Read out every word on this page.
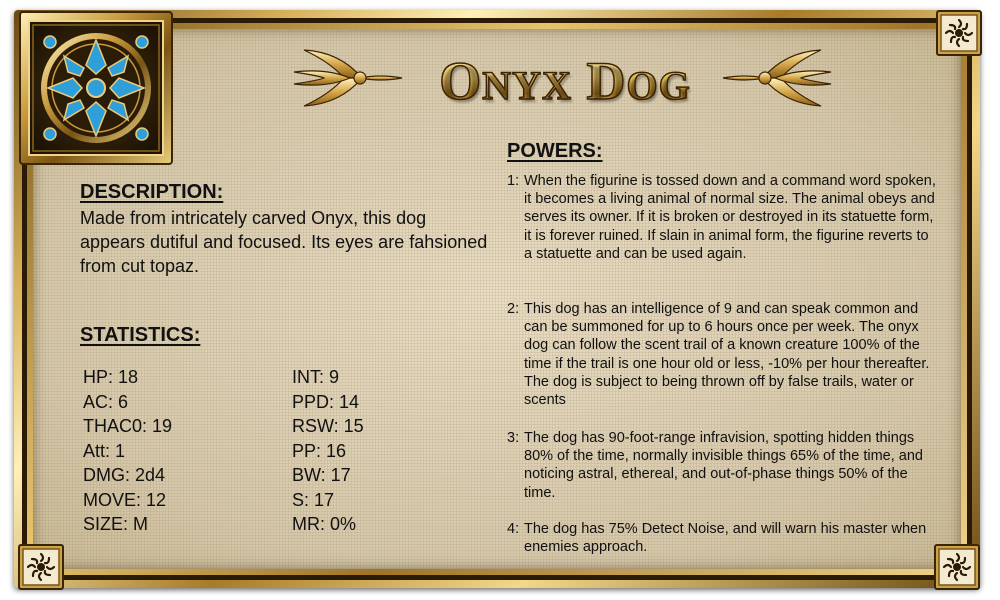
ONYX DOG
DESCRIPTION:
Made from intricately carved Onyx, this dog appears dutiful and focused. Its eyes are fahsioned from cut topaz.
STATISTICS:
HP: 18
AC: 6
THAC0: 19
Att: 1
DMG: 2d4
MOVE: 12
SIZE: M
INT: 9
PPD: 14
RSW: 15
PP: 16
BW: 17
S: 17
MR: 0%
POWERS:
1: When the figurine is tossed down and a command word spoken, it becomes a living animal of normal size. The animal obeys and serves its owner. If it is broken or destroyed in its statuette form, it is forever ruined. If slain in animal form, the figurine reverts to a statuette and can be used again.
2: This dog has an intelligence of 9 and can speak common and can be summoned for up to 6 hours once per week. The onyx dog can follow the scent trail of a known creature 100% of the time if the trail is one hour old or less, -10% per hour thereafter. The dog is subject to being thrown off by false trails, water or scents
3: The dog has 90-foot-range infravision, spotting hidden things 80% of the time, normally invisible things 65% of the time, and noticing astral, ethereal, and out-of-phase things 50% of the time.
4: The dog has 75% Detect Noise, and will warn his master when enemies approach.
